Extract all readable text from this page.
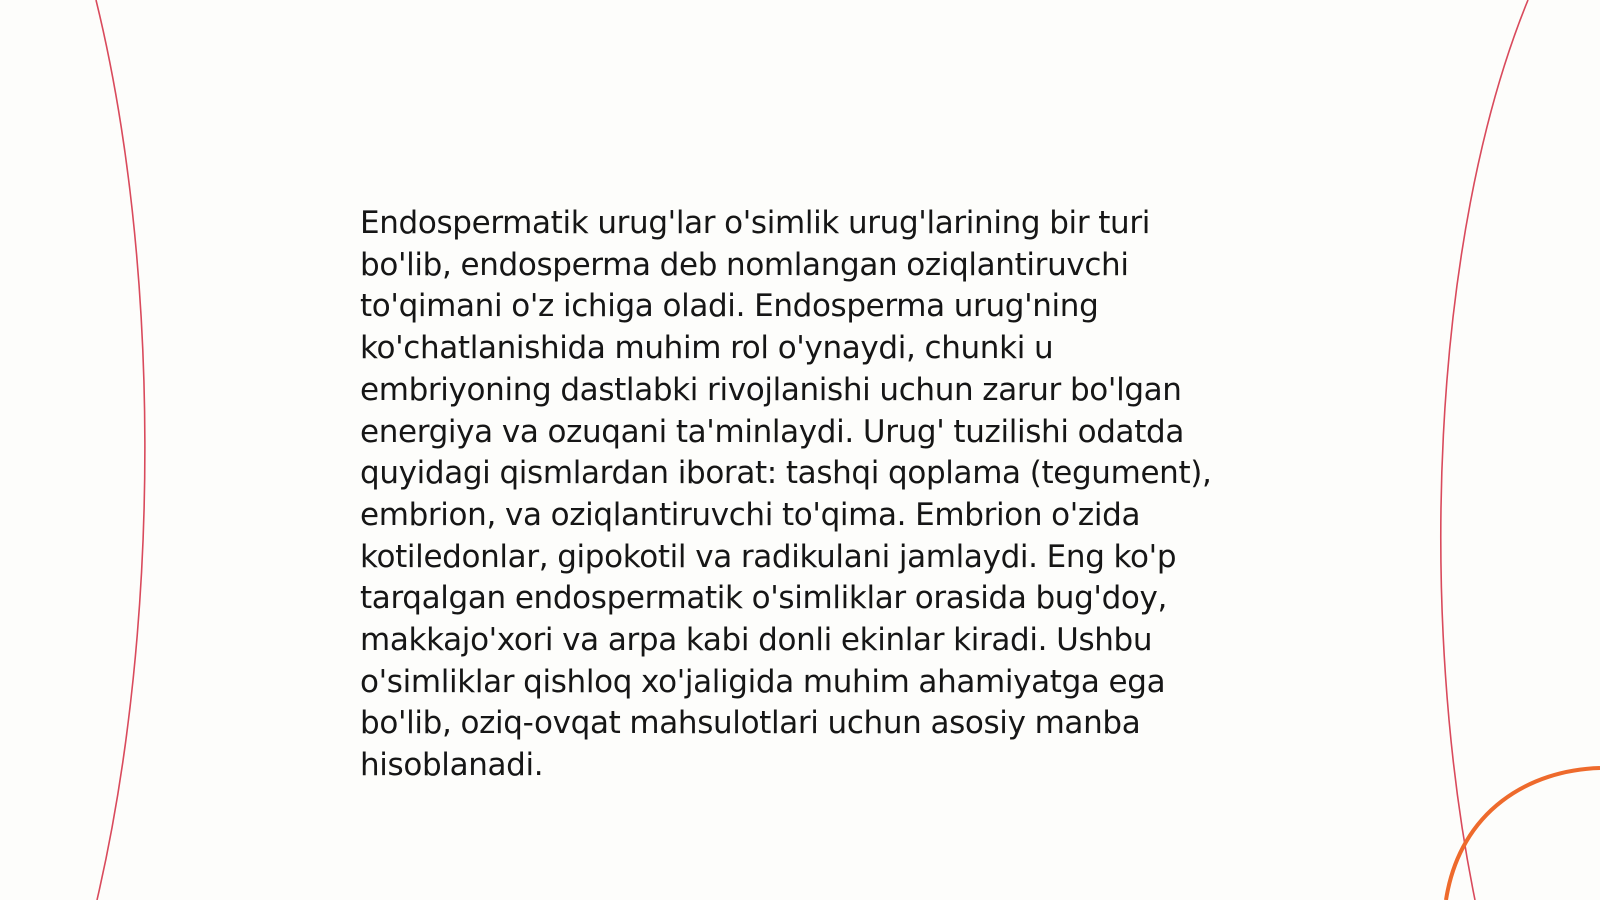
Endospermatik urug'lar o'simlik urug'larining bir turi bo'lib, endosperma deb nomlangan oziqlantiruvchi to'qimani o'z ichiga oladi. Endosperma urug'ning ko'chatlanishida muhim rol o'ynaydi, chunki u embriyoning dastlabki rivojlanishi uchun zarur bo'lgan energiya va ozuqani ta'minlaydi. Urug' tuzilishi odatda quyidagi qismlardan iborat: tashqi qoplama (tegument), embrion, va oziqlantiruvchi to'qima. Embrion o'zida kotiledonlar, gipokotil va radikulani jamlaydi. Eng ko'p tarqalgan endospermatik o'simliklar orasida bug'doy, makkajo'xori va arpa kabi donli ekinlar kiradi. Ushbu o'simliklar qishloq xo'jaligida muhim ahamiyatga ega bo'lib, oziq-ovqat mahsulotlari uchun asosiy manba hisoblanadi.
